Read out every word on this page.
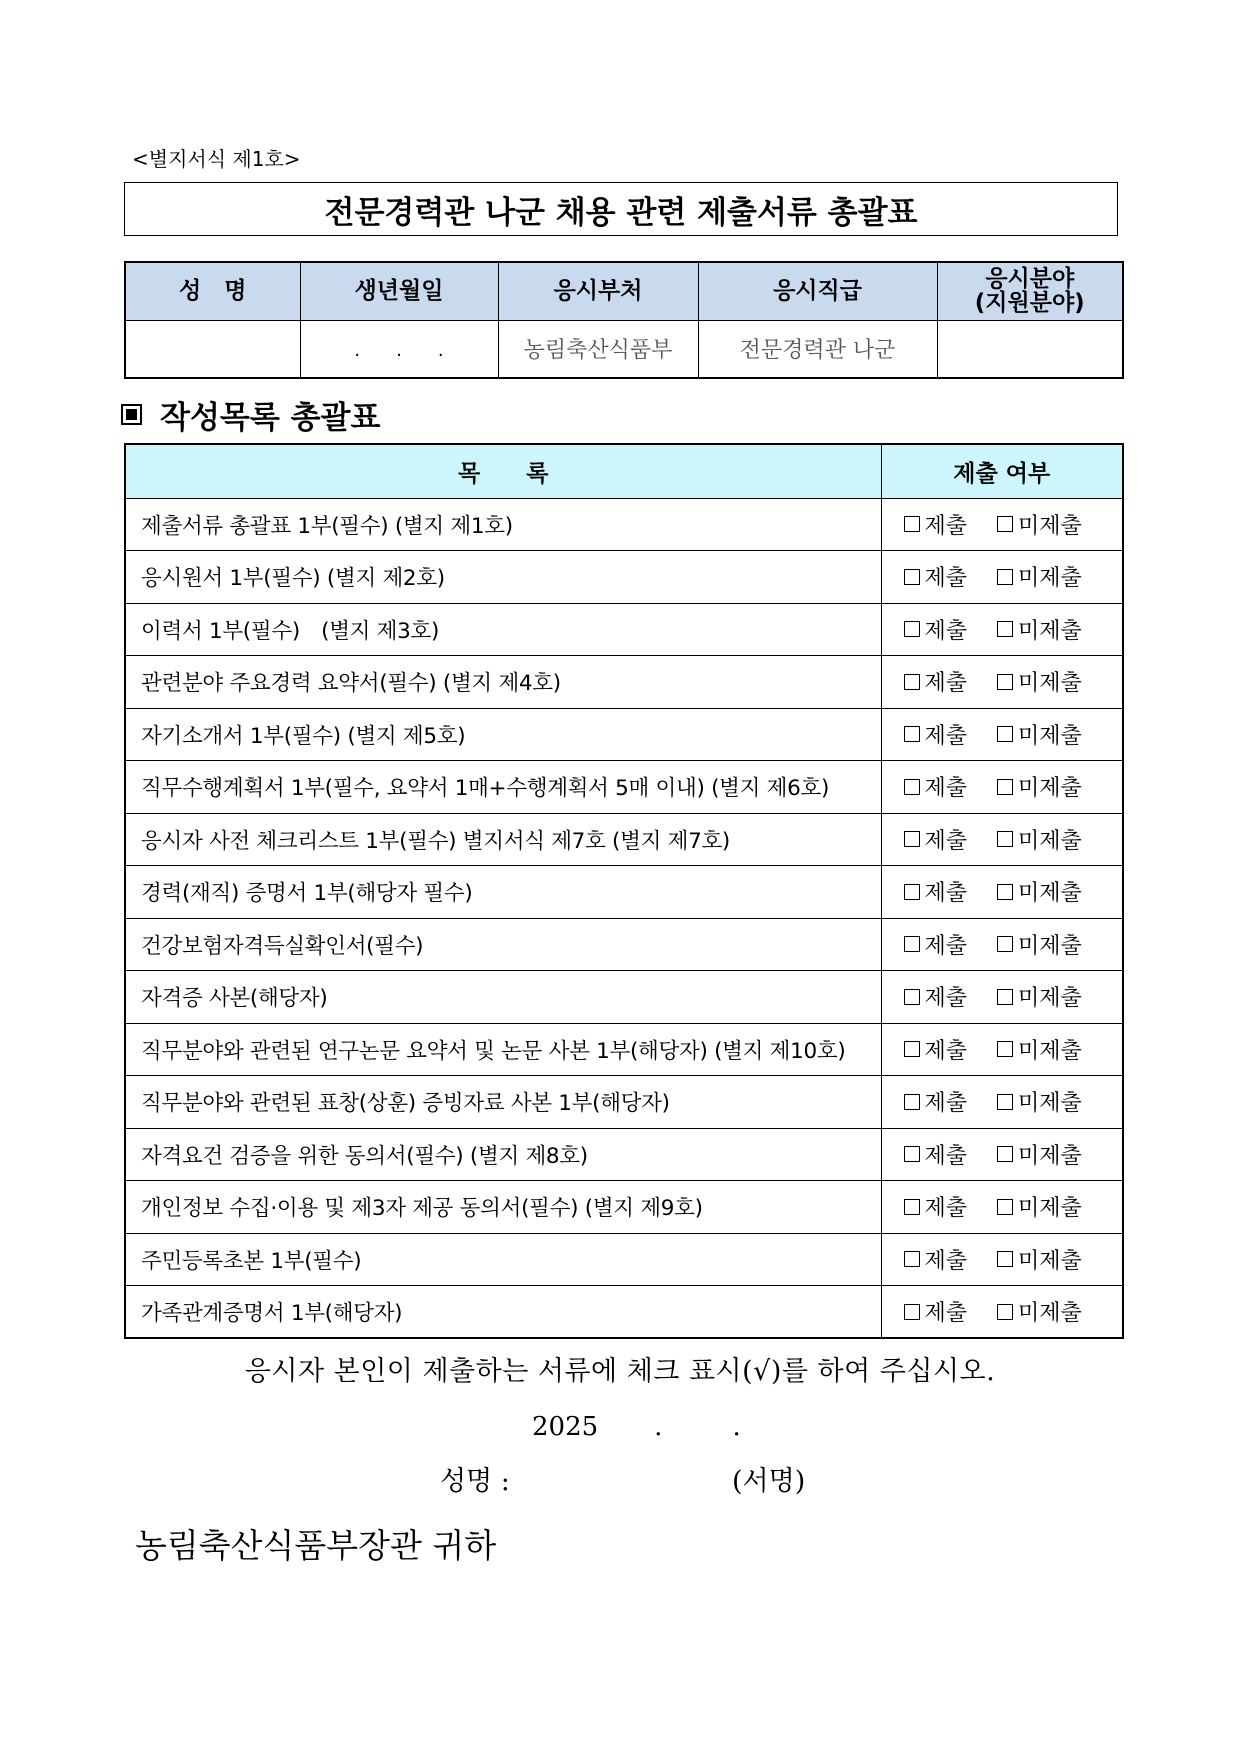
<별지서식 제1호>
전문경력관 나군 채용 관련 제출서류 총괄표
성　명	생년월일	응시부처	응시직급	응시분야
(지원분야)
	.　　.　　.	농림축산식품부	전문경력관 나군	
작성목록 총괄표
목　　록	제출 여부
제출서류 총괄표 1부(필수) (별지 제1호)	제출 미제출

응시원서 1부(필수) (별지 제2호)	제출 미제출

이력서 1부(필수)　(별지 제3호)	제출 미제출

관련분야 주요경력 요약서(필수) (별지 제4호)	제출 미제출

자기소개서 1부(필수) (별지 제5호)	제출 미제출

직무수행계획서 1부(필수, 요약서 1매+수행계획서 5매 이내) (별지 제6호)	제출 미제출

응시자 사전 체크리스트 1부(필수) 별지서식 제7호 (별지 제7호)	제출 미제출

경력(재직) 증명서 1부(해당자 필수)	제출 미제출

건강보험자격득실확인서(필수)	제출 미제출

자격증 사본(해당자)	제출 미제출

직무분야와 관련된 연구논문 요약서 및 논문 사본 1부(해당자) (별지 제10호)	제출 미제출

직무분야와 관련된 표창(상훈) 증빙자료 사본 1부(해당자)	제출 미제출

자격요건 검증을 위한 동의서(필수) (별지 제8호)	제출 미제출

개인정보 수집·이용 및 제3자 제공 동의서(필수) (별지 제9호)	제출 미제출

주민등록초본 1부(필수)	제출 미제출

가족관계증명서 1부(해당자)	제출 미제출
응시자 본인이 제출하는 서류에 체크 표시(√)를 하여 주십시오.
2025 .	.
성명 :	(서명)
농림축산식품부장관 귀하
